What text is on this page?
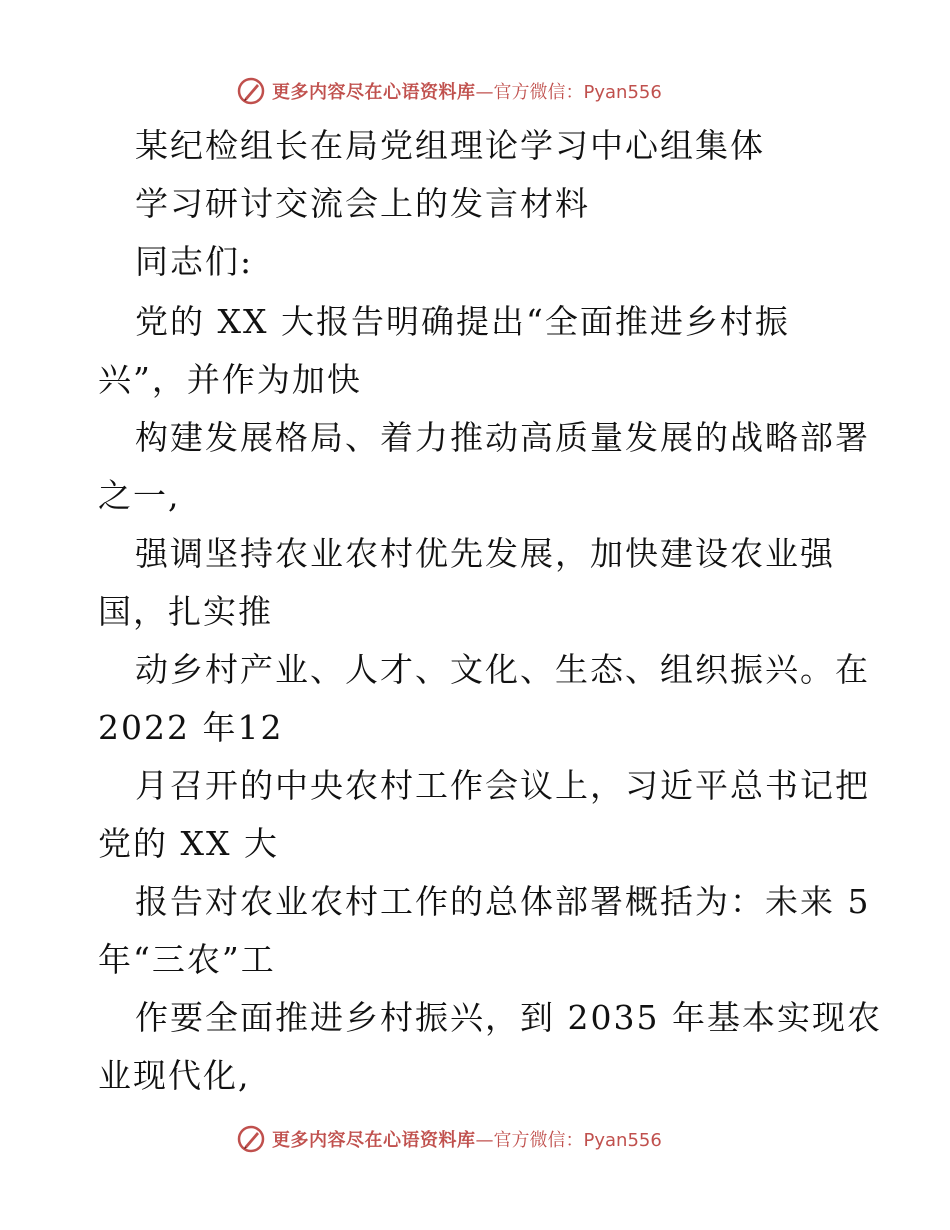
更多内容尽在心语资料库 —官方微信：Pyan556
某纪检组长在局党组理论学习中心组集体
学习研讨交流会上的发言材料
同志们:
党的 XX 大报告明确提出“全面推进乡村振
兴”，并作为加快
构建发展格局、着力推动高质量发展的战略部署
之一,
强调坚持农业农村优先发展，加快建设农业强
国，扎实推
动乡村产业、人才、文化、生态、组织振兴。在
2022 年12
月召开的中央农村工作会议上，习近平总书记把
党的 XX 大
报告对农业农村工作的总体部署概括为：未来 5
年“三农”工
作要全面推进乡村振兴，到 2035 年基本实现农
业现代化,
更多内容尽在心语资料库 —官方微信：Pyan556
